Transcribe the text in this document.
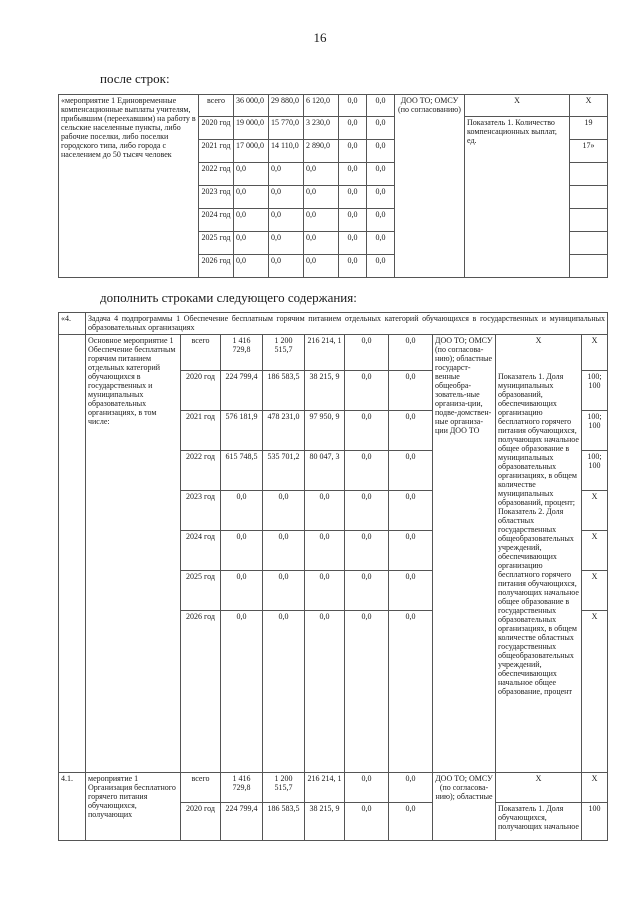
16
после строк:
«мероприятие 1 Единовременные компенсационные выплаты учителям, прибывшим (переехавшим) на работу в сельские населенные пункты, либо рабочие поселки, либо поселки городского типа, либо города с населением до 50 тысяч человек	всего	36 000,0	29 880,0	6 120,0	0,0	0,0	ДОО ТО; ОМСУ (по согласованию)	Х	Х
	2020 год	19 000,0	15 770,0	3 230,0	0,0	0,0		Показатель 1. Количество компенсационных выплат, ед.	19
	2021 год	17 000,0	14 110,0	2 890,0	0,0	0,0			17»
	2022 год	0,0	0,0	0,0	0,0	0,0			
	2023 год	0,0	0,0	0,0	0,0	0,0			
	2024 год	0,0	0,0	0,0	0,0	0,0			
	2025 год	0,0	0,0	0,0	0,0	0,0			
	2026 год	0,0	0,0	0,0	0,0	0,0			
дополнить строками следующего содержания:
«4.	Задача 4 подпрограммы 1 Обеспечение бесплатным горячим питанием отдельных категорий обучающихся в государственных и муниципальных образовательных организациях									
	Основное мероприятие 1 Обеспечение бесплатным горячим питанием отдельных категорий обучающихся в государственных и муниципальных образовательных организациях, в том числе:	всего	1 416 729,8	1 200 515,7	216 214, 1	0,0	0,0	ДОО ТО; ОМСУ (по согласова-нию); областные государст-венные общеобра-зователь-ные организа-ции, подве-домствен-ные организа-ции ДОО ТО	Х	Х
		2020 год	224 799,4	186 583,5	38 215, 9	0,0	0,0		Показатель 1. Доля муниципальных образований, обеспечивающих организацию бесплатного горячего питания обучающихся, получающих начальное общее образование в муниципальных образовательных организациях, в общем количестве муниципальных образований, процент; Показатель 2. Доля областных государственных общеобразовательных учреждений, обеспечивающих организацию бесплатного горячего питания обучающихся, получающих начальное общее образование в государственных образовательных организациях, в общем количестве областных государственных общеобразовательных учреждений, обеспечивающих начальное общее образование, процент	100; 100
		2021 год	576 181,9	478 231,0	97 950, 9	0,0	0,0			100; 100
		2022 год	615 748,5	535 701,2	80 047, 3	0,0	0,0			100; 100
		2023 год	0,0	0,0	0,0	0,0	0,0			Х
		2024 год	0,0	0,0	0,0	0,0	0,0			Х
		2025 год	0,0	0,0	0,0	0,0	0,0			Х
		2026 год	0,0	0,0	0,0	0,0	0,0			Х
4.1.	мероприятие 1 Организация бесплатного горячего питания обучающихся, получающих	всего	1 416 729,8	1 200 515,7	216 214, 1	0,0	0,0	ДОО ТО; ОМСУ (по согласова-нию); областные	Х	Х
		2020 год	224 799,4	186 583,5	38 215, 9	0,0	0,0		Показатель 1. Доля обучающихся, получающих начальное	100
